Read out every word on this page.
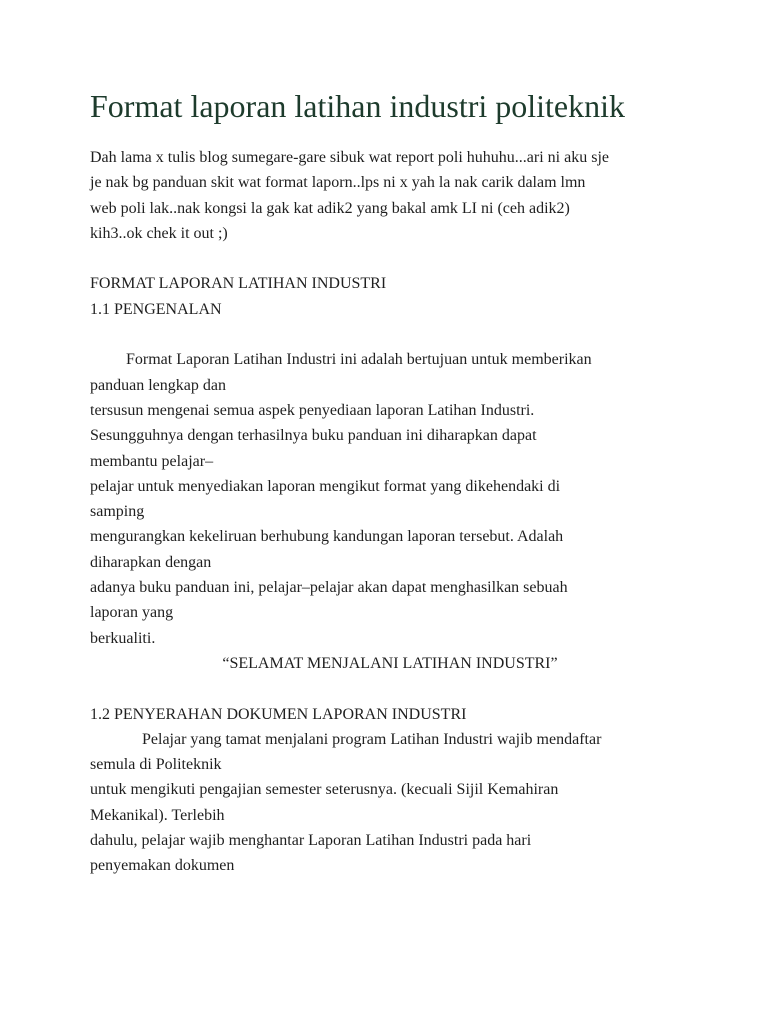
Format laporan latihan industri politeknik
Dah lama x tulis blog sumegare-gare sibuk wat report poli huhuhu...ari ni aku sje
je nak bg panduan skit wat format laporn..lps ni x yah la nak carik dalam lmn
web poli lak..nak kongsi la gak kat adik2 yang bakal amk LI ni (ceh adik2)
kih3..ok chek it out ;)
FORMAT LAPORAN LATIHAN INDUSTRI
1.1 PENGENALAN
Format Laporan Latihan Industri ini adalah bertujuan untuk memberikan
panduan lengkap dan
tersusun mengenai semua aspek penyediaan laporan Latihan Industri.
Sesungguhnya dengan terhasilnya buku panduan ini diharapkan dapat
membantu pelajar–
pelajar untuk menyediakan laporan mengikut format yang dikehendaki di
samping
mengurangkan kekeliruan berhubung kandungan laporan tersebut. Adalah
diharapkan dengan
adanya buku panduan ini, pelajar–pelajar akan dapat menghasilkan sebuah
laporan yang
berkualiti.
“SELAMAT MENJALANI LATIHAN INDUSTRI”
1.2 PENYERAHAN DOKUMEN LAPORAN INDUSTRI
Pelajar yang tamat menjalani program Latihan Industri wajib mendaftar
semula di Politeknik
untuk mengikuti pengajian semester seterusnya. (kecuali Sijil Kemahiran
Mekanikal). Terlebih
dahulu, pelajar wajib menghantar Laporan Latihan Industri pada hari
penyemakan dokumen
